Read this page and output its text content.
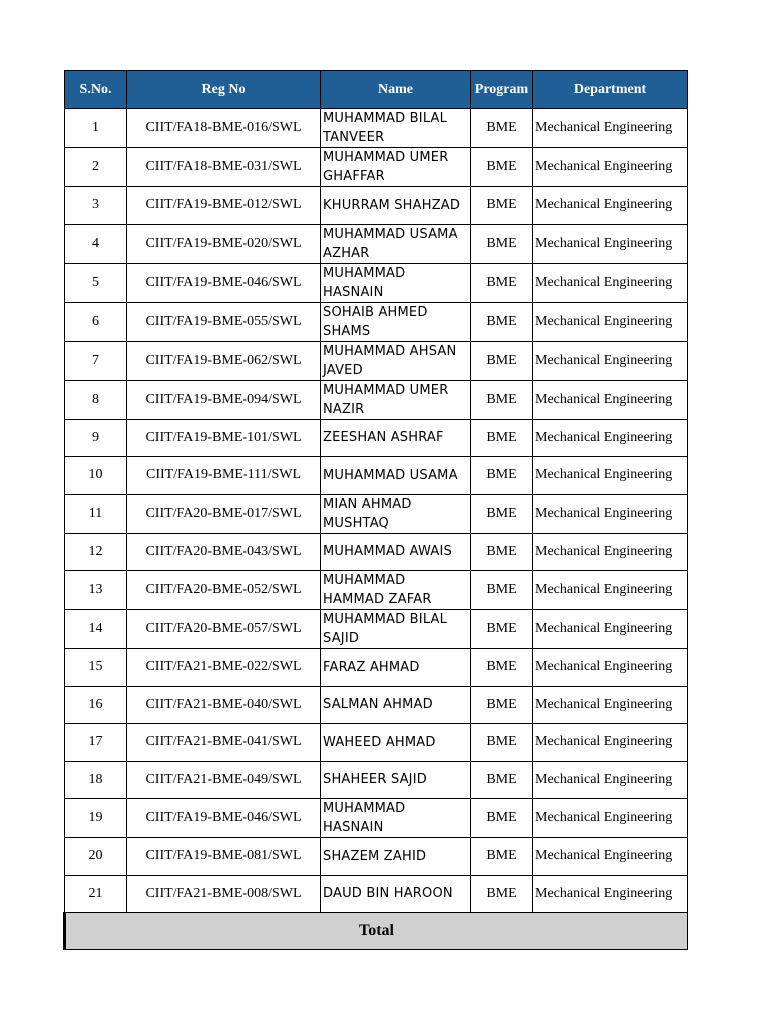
S.No.	Reg No	Name	Program	Department
1	CIIT/FA18-BME-016/SWL	MUHAMMAD BILAL TANVEER	BME	Mechanical Engineering
2	CIIT/FA18-BME-031/SWL	MUHAMMAD UMER GHAFFAR	BME	Mechanical Engineering
3	CIIT/FA19-BME-012/SWL	KHURRAM SHAHZAD	BME	Mechanical Engineering
4	CIIT/FA19-BME-020/SWL	MUHAMMAD USAMA AZHAR	BME	Mechanical Engineering
5	CIIT/FA19-BME-046/SWL	MUHAMMAD HASNAIN	BME	Mechanical Engineering
6	CIIT/FA19-BME-055/SWL	SOHAIB AHMED SHAMS	BME	Mechanical Engineering
7	CIIT/FA19-BME-062/SWL	MUHAMMAD AHSAN JAVED	BME	Mechanical Engineering
8	CIIT/FA19-BME-094/SWL	MUHAMMAD UMER NAZIR	BME	Mechanical Engineering
9	CIIT/FA19-BME-101/SWL	ZEESHAN ASHRAF	BME	Mechanical Engineering
10	CIIT/FA19-BME-111/SWL	MUHAMMAD USAMA	BME	Mechanical Engineering
11	CIIT/FA20-BME-017/SWL	MIAN AHMAD MUSHTAQ	BME	Mechanical Engineering
12	CIIT/FA20-BME-043/SWL	MUHAMMAD AWAIS	BME	Mechanical Engineering
13	CIIT/FA20-BME-052/SWL	MUHAMMAD HAMMAD ZAFAR	BME	Mechanical Engineering
14	CIIT/FA20-BME-057/SWL	MUHAMMAD BILAL SAJID	BME	Mechanical Engineering
15	CIIT/FA21-BME-022/SWL	FARAZ AHMAD	BME	Mechanical Engineering
16	CIIT/FA21-BME-040/SWL	SALMAN AHMAD	BME	Mechanical Engineering
17	CIIT/FA21-BME-041/SWL	WAHEED AHMAD	BME	Mechanical Engineering
18	CIIT/FA21-BME-049/SWL	SHAHEER SAJID	BME	Mechanical Engineering
19	CIIT/FA19-BME-046/SWL	MUHAMMAD HASNAIN	BME	Mechanical Engineering
20	CIIT/FA19-BME-081/SWL	SHAZEM ZAHID	BME	Mechanical Engineering
21	CIIT/FA21-BME-008/SWL	DAUD BIN HAROON	BME	Mechanical Engineering
Total				
